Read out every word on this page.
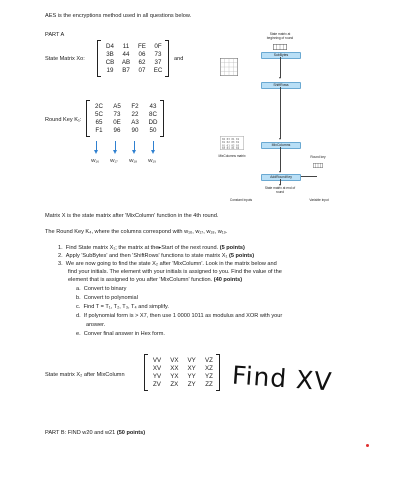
AES is the encryptions method used in all questions below.
PART A
State Matrix Xo:
D4	11	FE	0F
3B	44	06	73
CB	AB	62	37
19	B7	07	EC
and
Round Key K₁:
2C	A5	F2	43
5C	73	22	8C
65	0E	A3	DD
F1	96	90	50
W₁₆ W₁₇ W₁₈ W₁₉
State matrix at beginning of round
SubBytes
ShiftRows
02 03 01 01
01 02 03 01
01 01 02 03
03 01 01 02
MixColumns matrix
MixColumns
Round key
AddRoundKey
State matrix at end of round
Constant inputs	Variable input
Matrix X is the state matrix after 'MixColumn' function in the 4th round.
The Round Key K₄, where the columns correspond with w₁₆, w₁₇, w₁₈, w₁₉.
1.  Find State matrix X₁; the matrix at the▸Start of the next round. (5 points)
2.  Apply 'SubBytes' and then 'ShiftRows' functions to state matrix X₁ (5 points)
3.  We are now going to find the state X₂ after 'MixColumn'. Look in the matrix below and
find your initials. The element with your initials is assigned to you. Find the value of the
element that is assigned to you after 'MixColumn' function. (40 points)
a.  Convert to binary
b.  Convert to polynomial
c.  Find T = T₁, T₂, T₃, T₄ and simplify.
d.  If polynomial form is > X7, then use 1 0000 1011 as modulus and XOR with your
answer.
e.  Conver final answer in Hex form.
State matrix X₂ after MixColumn
VV	VX	VY	VZ
XV	XX	XY	XZ
YV	YX	YY	YZ
ZV	ZX	ZY	ZZ Find XV
PART B: FIND w20 and w21 (50 points)
